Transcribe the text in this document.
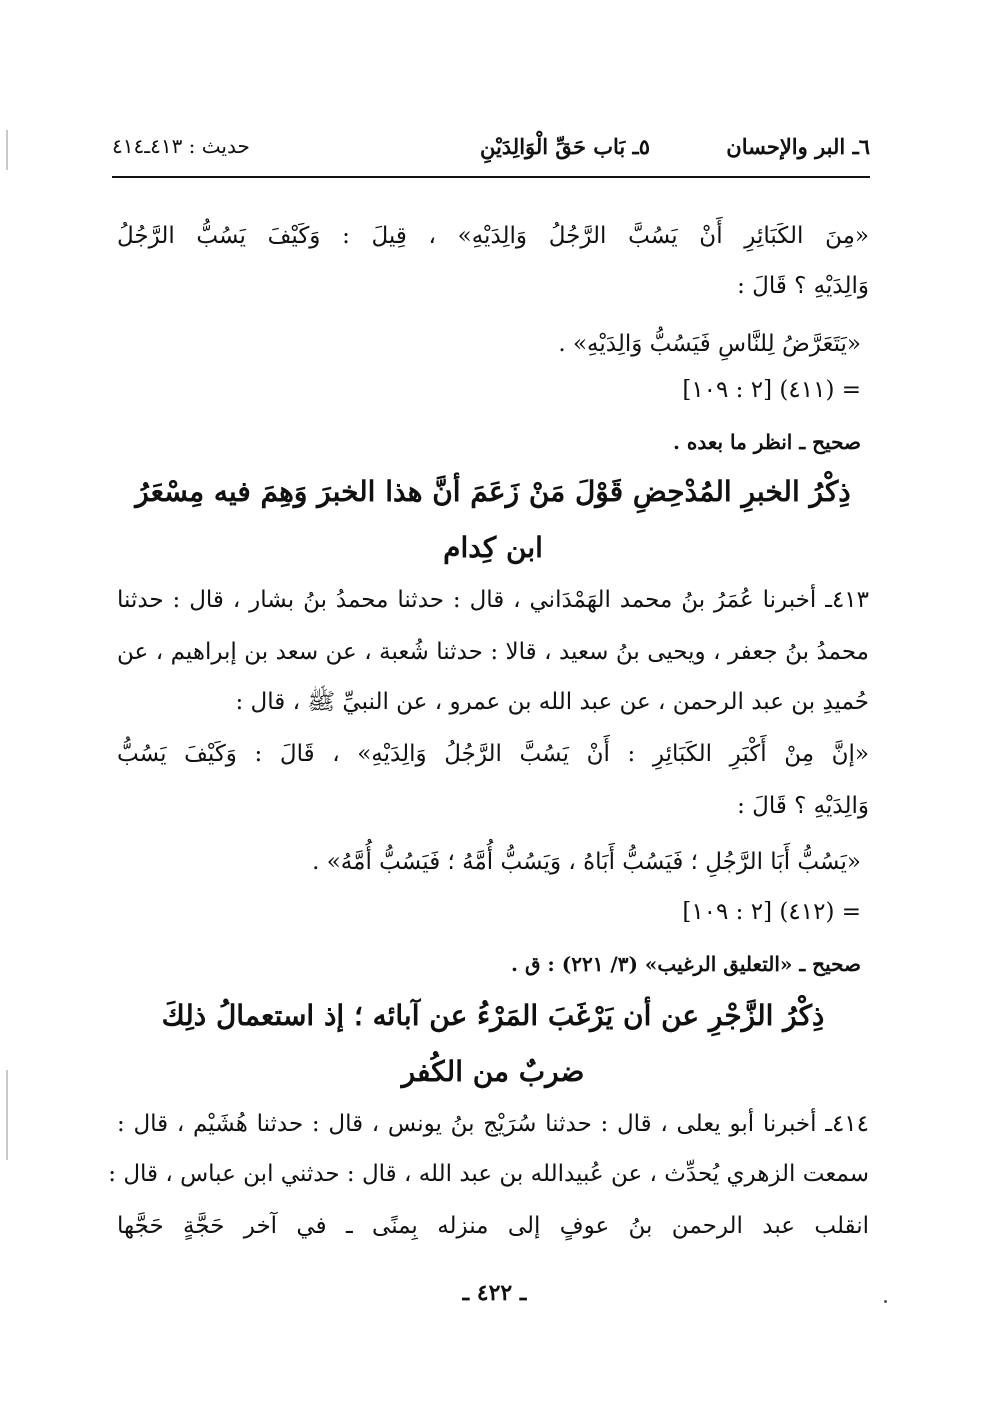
٦ـ البر والإحسان
٥ـ بَاب حَقِّ الْوَالِدَيْنِ
حديث : ٤١٣ـ٤١٤
«مِنَ الكَبَائِرِ أَنْ يَسُبَّ الرَّجُلُ وَالِدَيْهِ» ، قِيلَ : وَكَيْفَ يَسُبُّ الرَّجُلُ
وَالِدَيْهِ ؟ قَالَ :
«يَتَعَرَّضُ لِلنَّاسِ فَيَسُبُّ وَالِدَيْهِ» .
= (٤١١) [٢ : ١٠٩]
صحيح ـ انظر ما بعده .
ذِكْرُ الخبرِ المُدْحِضِ قَوْلَ مَنْ زَعَمَ أنَّ هذا الخبرَ وَهِمَ فيه مِسْعَرُ
ابن كِدام
٤١٣ـ أخبرنا عُمَرُ بنُ محمد الهَمْدَاني ، قال : حدثنا محمدُ بنُ بشار ، قال : حدثنا
محمدُ بنُ جعفر ، ويحيى بنُ سعيد ، قالا : حدثنا شُعبة ، عن سعد بن إبراهيم ، عن
حُميدِ بن عبد الرحمن ، عن عبد الله بن عمرو ، عن النبيِّ ﷺ ، قال :
«إنَّ مِنْ أَكْبَرِ الكَبَائِرِ : أَنْ يَسُبَّ الرَّجُلُ وَالِدَيْهِ» ، قَالَ : وَكَيْفَ يَسُبُّ
وَالِدَيْهِ ؟ قَالَ :
«يَسُبُّ أَبَا الرَّجُلِ ؛ فَيَسُبُّ أَبَاهُ ، وَيَسُبُّ أُمَّهُ ؛ فَيَسُبُّ أُمَّهُ» .
= (٤١٢) [٢ : ١٠٩]
صحيح ـ «التعليق الرغيب» (٣/ ٢٢١) : ق .
ذِكْرُ الزَّجْرِ عن أن يَرْغَبَ المَرْءُ عن آبائه ؛ إذ استعمالُ ذلِكَ
ضربٌ من الكُفر
٤١٤ـ أخبرنا أبو يعلى ، قال : حدثنا سُرَيْج بنُ يونس ، قال : حدثنا هُشَيْم ، قال :
سمعت الزهري يُحدِّث ، عن عُبيدالله بن عبد الله ، قال : حدثني ابن عباس ، قال :
انقلب عبد الرحمن بنُ عوفٍ إلى منزله بِمنًى ـ في آخر حَجَّةٍ حَجَّها
ـ ٤٢٢ ـ
